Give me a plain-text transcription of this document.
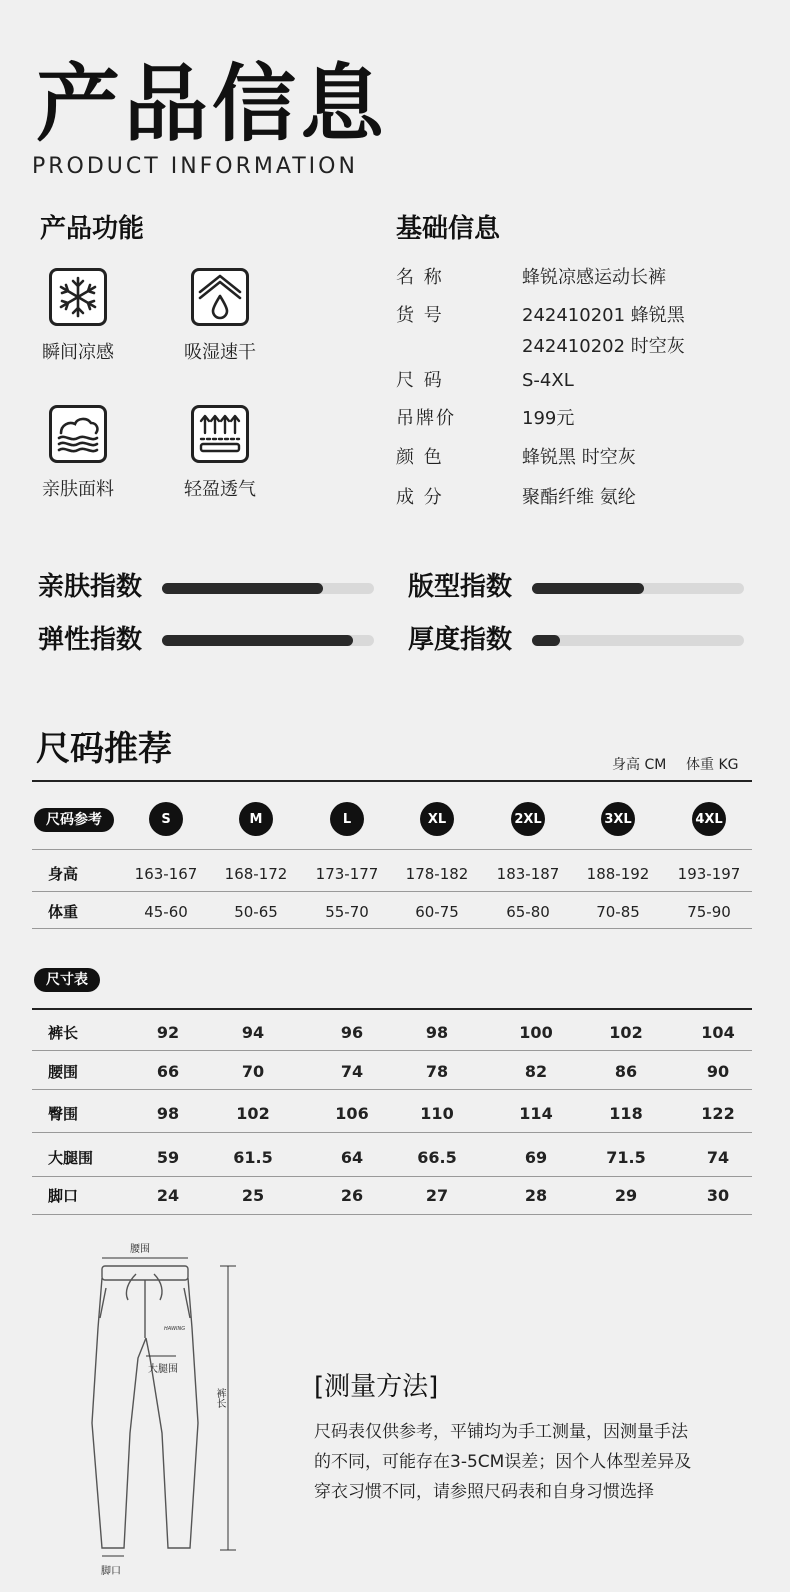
产品信息
PRODUCT INFORMATION
产品功能
瞬间凉感	吸湿速干
亲肤面料	轻盈透气
基础信息
名 称	蜂锐凉感运动长裤
货 号	242410201 蜂锐黑
242410202 时空灰
尺 码	S-4XL
吊牌价	199元
颜 色	蜂锐黑 时空灰
成 分	聚酯纤维 氨纶
亲肤指数	版型指数
弹性指数	厚度指数
尺码推荐	身高 CM 体重 KG
尺码参考	S	M	L	XL	2XL	3XL	4XL
身高	163-167	168-172	173-177	178-182	183-187	188-192	193-197
体重	45-60	50-65	55-70	60-75	65-80	70-85	75-90
尺寸表
裤长	92	94	96	98	100	102	104
腰围	66	70	74	78	82	86	90
臀围	98	102	106	110	114	118	122
大腿围	59	61.5	64	66.5	69	71.5	74
脚口	24	25	26	27	28	29	30
腰围
大腿围
裤长
脚口
HAWING
[测量方法]
尺码表仅供参考，平铺均为手工测量，因测量手法
的不同，可能存在3-5CM误差；因个人体型差异及
穿衣习惯不同，请参照尺码表和自身习惯选择
